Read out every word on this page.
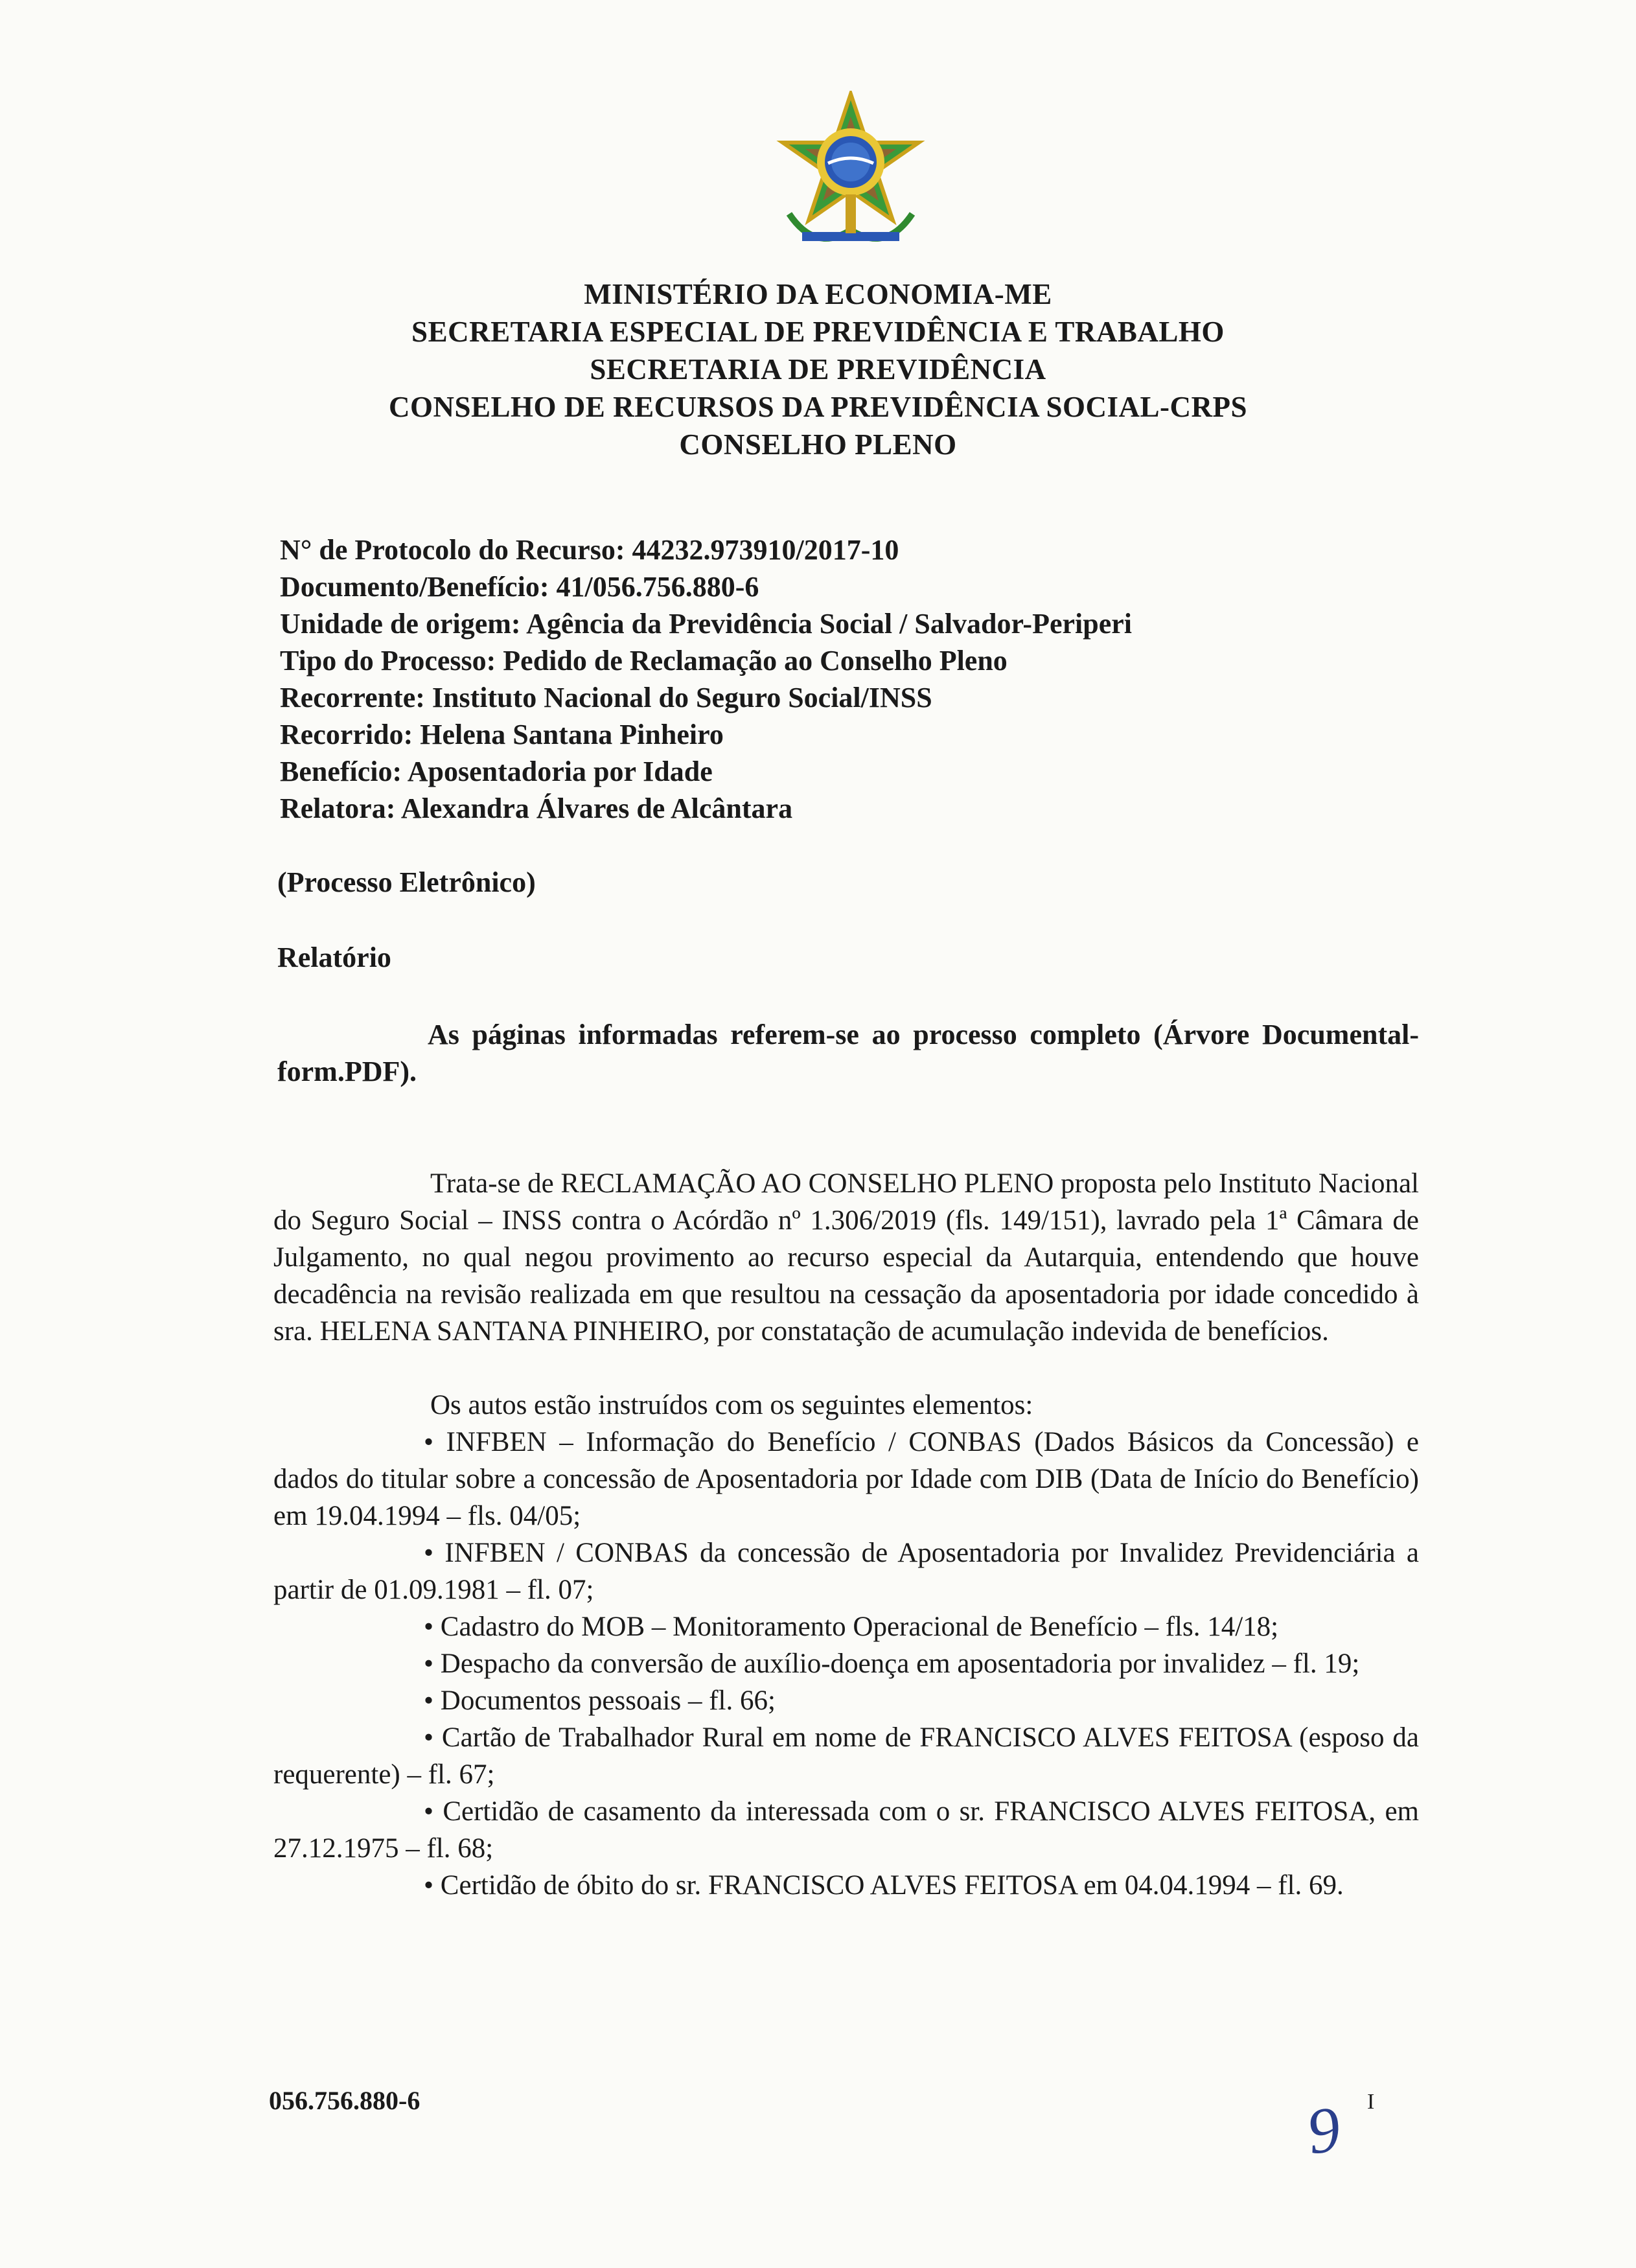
MINISTÉRIO DA ECONOMIA-ME
SECRETARIA ESPECIAL DE PREVIDÊNCIA E TRABALHO
SECRETARIA DE PREVIDÊNCIA
CONSELHO DE RECURSOS DA PREVIDÊNCIA SOCIAL-CRPS
CONSELHO PLENO
N° de Protocolo do Recurso: 44232.973910/2017-10
Documento/Benefício: 41/056.756.880-6
Unidade de origem: Agência da Previdência Social / Salvador-Periperi
Tipo do Processo: Pedido de Reclamação ao Conselho Pleno
Recorrente: Instituto Nacional do Seguro Social/INSS
Recorrido: Helena Santana Pinheiro
Benefício: Aposentadoria por Idade
Relatora: Alexandra Álvares de Alcântara
(Processo Eletrônico)
Relatório
As páginas informadas referem-se ao processo completo (Árvore Documental-form.PDF).

Trata-se de RECLAMAÇÃO AO CONSELHO PLENO proposta pelo Instituto Nacional do Seguro Social – INSS contra o Acórdão nº 1.306/2019 (fls. 149/151), lavrado pela 1ª Câmara de Julgamento, no qual negou provimento ao recurso especial da Autarquia, entendendo que houve decadência na revisão realizada em que resultou na cessação da aposentadoria por idade concedido à sra. HELENA SANTANA PINHEIRO, por constatação de acumulação indevida de benefícios.

Os autos estão instruídos com os seguintes elementos:

• INFBEN – Informação do Benefício / CONBAS (Dados Básicos da Concessão) e dados do titular sobre a concessão de Aposentadoria por Idade com DIB (Data de Início do Benefício) em 19.04.1994 – fls. 04/05;

• INFBEN / CONBAS da concessão de Aposentadoria por Invalidez Previdenciária a partir de 01.09.1981 – fl. 07;

• Cadastro do MOB – Monitoramento Operacional de Benefício – fls. 14/18;

• Despacho da conversão de auxílio-doença em aposentadoria por invalidez – fl. 19;

• Documentos pessoais – fl. 66;

• Cartão de Trabalhador Rural em nome de FRANCISCO ALVES FEITOSA (esposo da requerente) – fl. 67;

• Certidão de casamento da interessada com o sr. FRANCISCO ALVES FEITOSA, em 27.12.1975 – fl. 68;

• Certidão de óbito do sr. FRANCISCO ALVES FEITOSA em 04.04.1994 – fl. 69.

056.756.880-6	9 I
